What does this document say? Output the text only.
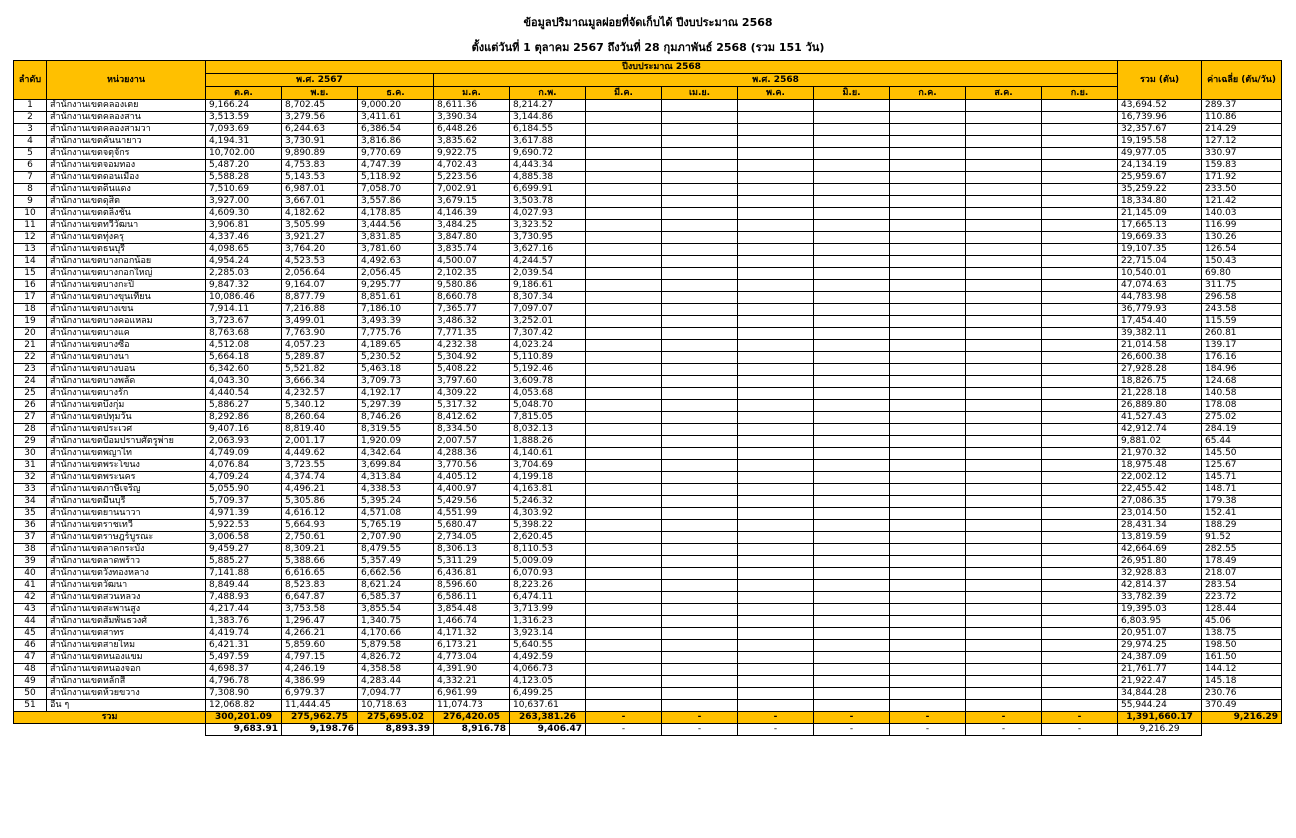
ข้อมูลปริมาณมูลฝอยที่จัดเก็บได้ ปีงบประมาณ 2568
ตั้งแต่วันที่ 1 ตุลาคม 2567 ถึงวันที่ 28 กุมภาพันธ์ 2568 (รวม 151 วัน)
ลำดับ	หน่วยงาน	ปีงบประมาณ 2568												รวม (ตัน)	ค่าเฉลี่ย (ตัน/วัน)
		พ.ศ. 2567			พ.ศ. 2568										
		ต.ค.	พ.ย.	ธ.ค.	ม.ค.	ก.พ.	มี.ค.	เม.ย.	พ.ค.	มิ.ย.	ก.ค.	ส.ค.	ก.ย.		
1	สำนักงานเขตคลองเตย	9,166.24	8,702.45	9,000.20	8,611.36	8,214.27								43,694.52	289.37
2	สำนักงานเขตคลองสาน	3,513.59	3,279.56	3,411.61	3,390.34	3,144.86								16,739.96	110.86
3	สำนักงานเขตคลองสามวา	7,093.69	6,244.63	6,386.54	6,448.26	6,184.55								32,357.67	214.29
4	สำนักงานเขตคันนายาว	4,194.31	3,730.91	3,816.86	3,835.62	3,617.88								19,195.58	127.12
5	สำนักงานเขตจตุจักร	10,702.00	9,890.89	9,770.69	9,922.75	9,690.72								49,977.05	330.97
6	สำนักงานเขตจอมทอง	5,487.20	4,753.83	4,747.39	4,702.43	4,443.34								24,134.19	159.83
7	สำนักงานเขตดอนเมือง	5,588.28	5,143.53	5,118.92	5,223.56	4,885.38								25,959.67	171.92
8	สำนักงานเขตดินแดง	7,510.69	6,987.01	7,058.70	7,002.91	6,699.91								35,259.22	233.50
9	สำนักงานเขตดุสิต	3,927.00	3,667.01	3,557.86	3,679.15	3,503.78								18,334.80	121.42
10	สำนักงานเขตตลิ่งชัน	4,609.30	4,182.62	4,178.85	4,146.39	4,027.93								21,145.09	140.03
11	สำนักงานเขตทวีวัฒนา	3,906.81	3,505.99	3,444.56	3,484.25	3,323.52								17,665.13	116.99
12	สำนักงานเขตทุ่งครุ	4,337.46	3,921.27	3,831.85	3,847.80	3,730.95								19,669.33	130.26
13	สำนักงานเขตธนบุรี	4,098.65	3,764.20	3,781.60	3,835.74	3,627.16								19,107.35	126.54
14	สำนักงานเขตบางกอกน้อย	4,954.24	4,523.53	4,492.63	4,500.07	4,244.57								22,715.04	150.43
15	สำนักงานเขตบางกอกใหญ่	2,285.03	2,056.64	2,056.45	2,102.35	2,039.54								10,540.01	69.80
16	สำนักงานเขตบางกะปิ	9,847.32	9,164.07	9,295.77	9,580.86	9,186.61								47,074.63	311.75
17	สำนักงานเขตบางขุนเทียน	10,086.46	8,877.79	8,851.61	8,660.78	8,307.34								44,783.98	296.58
18	สำนักงานเขตบางเขน	7,914.11	7,216.88	7,186.10	7,365.77	7,097.07								36,779.93	243.58
19	สำนักงานเขตบางคอแหลม	3,723.67	3,499.01	3,493.39	3,486.32	3,252.01								17,454.40	115.59
20	สำนักงานเขตบางแค	8,763.68	7,763.90	7,775.76	7,771.35	7,307.42								39,382.11	260.81
21	สำนักงานเขตบางซื่อ	4,512.08	4,057.23	4,189.65	4,232.38	4,023.24								21,014.58	139.17
22	สำนักงานเขตบางนา	5,664.18	5,289.87	5,230.52	5,304.92	5,110.89								26,600.38	176.16
23	สำนักงานเขตบางบอน	6,342.60	5,521.82	5,463.18	5,408.22	5,192.46								27,928.28	184.96
24	สำนักงานเขตบางพลัด	4,043.30	3,666.34	3,709.73	3,797.60	3,609.78								18,826.75	124.68
25	สำนักงานเขตบางรัก	4,440.54	4,232.57	4,192.17	4,309.22	4,053.68								21,228.18	140.58
26	สำนักงานเขตบึงกุ่ม	5,886.27	5,340.12	5,297.39	5,317.32	5,048.70								26,889.80	178.08
27	สำนักงานเขตปทุมวัน	8,292.86	8,260.64	8,746.26	8,412.62	7,815.05								41,527.43	275.02
28	สำนักงานเขตประเวศ	9,407.16	8,819.40	8,319.55	8,334.50	8,032.13								42,912.74	284.19
29	สำนักงานเขตป้อมปราบศัตรูพ่าย	2,063.93	2,001.17	1,920.09	2,007.57	1,888.26								9,881.02	65.44
30	สำนักงานเขตพญาไท	4,749.09	4,449.62	4,342.64	4,288.36	4,140.61								21,970.32	145.50
31	สำนักงานเขตพระโขนง	4,076.84	3,723.55	3,699.84	3,770.56	3,704.69								18,975.48	125.67
32	สำนักงานเขตพระนคร	4,709.24	4,374.74	4,313.84	4,405.12	4,199.18								22,002.12	145.71
33	สำนักงานเขตภาษีเจริญ	5,055.90	4,496.21	4,338.53	4,400.97	4,163.81								22,455.42	148.71
34	สำนักงานเขตมีนบุรี	5,709.37	5,305.86	5,395.24	5,429.56	5,246.32								27,086.35	179.38
35	สำนักงานเขตยานนาวา	4,971.39	4,616.12	4,571.08	4,551.99	4,303.92								23,014.50	152.41
36	สำนักงานเขตราชเทวี	5,922.53	5,664.93	5,765.19	5,680.47	5,398.22								28,431.34	188.29
37	สำนักงานเขตราษฎร์บูรณะ	3,006.58	2,750.61	2,707.90	2,734.05	2,620.45								13,819.59	91.52
38	สำนักงานเขตลาดกระบัง	9,459.27	8,309.21	8,479.55	8,306.13	8,110.53								42,664.69	282.55
39	สำนักงานเขตลาดพร้าว	5,885.27	5,388.66	5,357.49	5,311.29	5,009.09								26,951.80	178.49
40	สำนักงานเขตวังทองหลาง	7,141.88	6,616.65	6,662.56	6,436.81	6,070.93								32,928.83	218.07
41	สำนักงานเขตวัฒนา	8,849.44	8,523.83	8,621.24	8,596.60	8,223.26								42,814.37	283.54
42	สำนักงานเขตสวนหลวง	7,488.93	6,647.87	6,585.37	6,586.11	6,474.11								33,782.39	223.72
43	สำนักงานเขตสะพานสูง	4,217.44	3,753.58	3,855.54	3,854.48	3,713.99								19,395.03	128.44
44	สำนักงานเขตสัมพันธวงศ์	1,383.76	1,296.47	1,340.75	1,466.74	1,316.23								6,803.95	45.06
45	สำนักงานเขตสาทร	4,419.74	4,266.21	4,170.66	4,171.32	3,923.14								20,951.07	138.75
46	สำนักงานเขตสายไหม	6,421.31	5,859.60	5,879.58	6,173.21	5,640.55								29,974.25	198.50
47	สำนักงานเขตหนองแขม	5,497.59	4,797.15	4,826.72	4,773.04	4,492.59								24,387.09	161.50
48	สำนักงานเขตหนองจอก	4,698.37	4,246.19	4,358.58	4,391.90	4,066.73								21,761.77	144.12
49	สำนักงานเขตหลักสี่	4,796.78	4,386.99	4,283.44	4,332.21	4,123.05								21,922.47	145.18
50	สำนักงานเขตห้วยขวาง	7,308.90	6,979.37	7,094.77	6,961.99	6,499.25								34,844.28	230.76
51	อื่น ๆ	12,068.82	11,444.45	10,718.63	11,074.73	10,637.61								55,944.24	370.49
รวม		300,201.09	275,962.75	275,695.02	276,420.05	263,381.26	-	-	-	-	-	-	-	1,391,660.17	9,216.29
		9,683.91	9,198.76	8,893.39	8,916.78	9,406.47	-	-	-	-	-	-	-	9,216.29	
